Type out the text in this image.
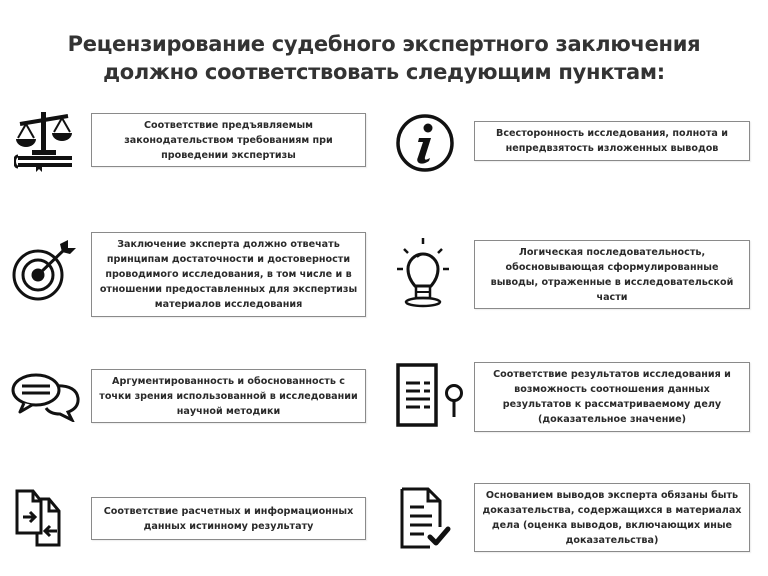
Рецензирование судебного экспертного заключения
должно соответствовать следующим пунктам:
Соответствие предъявляемым законодательством требованиям при проведении экспертизы
Всесторонность исследования, полнота и непредвзятость изложенных выводов
Заключение эксперта должно отвечать принципам достаточности и достоверности проводимого исследования, в том числе и в отношении предоставленных для экспертизы материалов исследования
Логическая последовательность, обосновывающая сформулированные выводы, отраженные в исследовательской части
Аргументированность и обоснованность с точки зрения использованной в исследовании научной методики
Соответствие результатов исследования и возможность соотношения данных результатов к рассматриваемому делу (доказательное значение)
Соответствие расчетных и информационных данных истинному результату
Основанием выводов эксперта обязаны быть доказательства, содержащихся в материалах дела (оценка выводов, включающих иные доказательства)
